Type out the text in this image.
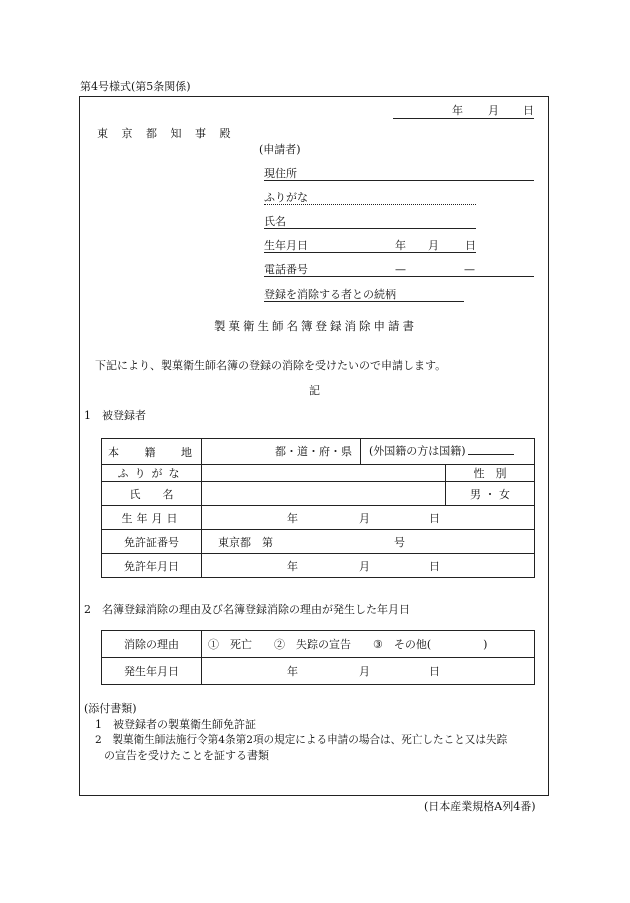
第4号様式(第5条関係)
年 月 日
東 京 都 知 事 殿
(申請者)
現住所
ふりがな
氏名
生年月日	年 月 日
電話番号	—	—
登録を消除する者との続柄
製菓衛生師名簿登録消除申請書
下記により、製菓衛生師名簿の登録の消除を受けたいので申請します。
記
1　被登録者
本 籍 地	都・道・府・県 (外国籍の方は国籍)	
ふりがな		性　別
氏　　名		男 ・ 女
生年月日	年 月 日	
免許証番号	東京都　第 号	
免許年月日	年 月 日	
2　名簿登録消除の理由及び名簿登録消除の理由が発生した年月日
消除の理由	①　死亡 ②　失踪の宣告 ③　その他( )
発生年月日	年 月 日
(添付書類)
1　被登録者の製菓衛生師免許証
2　製菓衛生師法施行令第4条第2項の規定による申請の場合は、死亡したこと又は失踪
の宣告を受けたことを証する書類
(日本産業規格A列4番)
